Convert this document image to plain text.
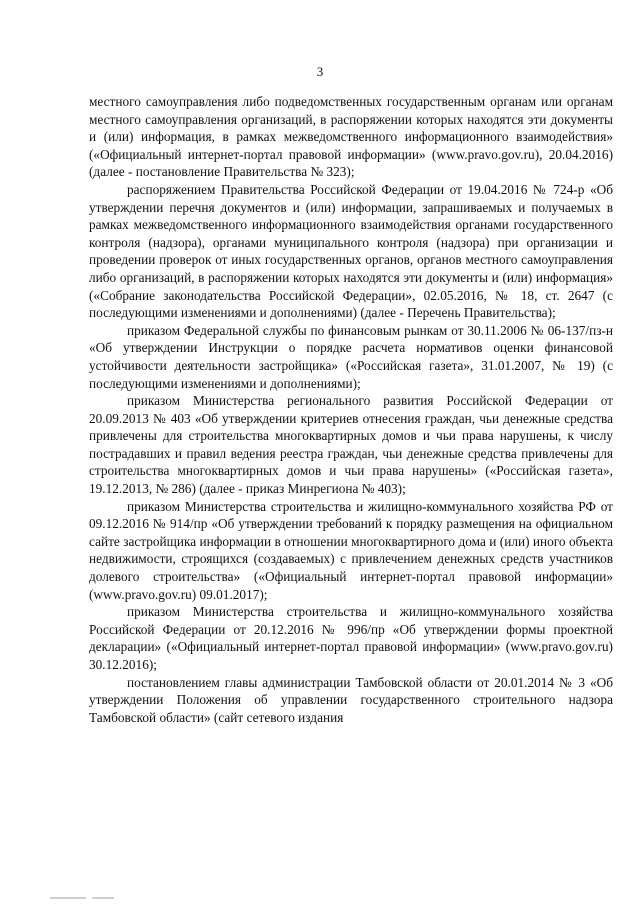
3

местного самоуправления либо подведомственных государственным органам или органам местного самоуправления организаций, в распоряжении которых находятся эти документы и (или) информация, в рамках межведомственного информационного взаимодействия» («Официальный интернет-портал правовой информации» (www.pravo.gov.ru), 20.04.2016) (далее - постановление Правительства № 323);

распоряжением Правительства Российской Федерации от 19.04.2016 № 724-р «Об утверждении перечня документов и (или) информации, запрашиваемых и получаемых в рамках межведомственного информационного взаимодействия органами государственного контроля (надзора), органами муниципального контроля (надзора) при организации и проведении проверок от иных государственных органов, органов местного самоуправления либо организаций, в распоряжении которых находятся эти документы и (или) информация» («Собрание законодательства Российской Федерации», 02.05.2016, № 18, ст. 2647 (с последующими изменениями и дополнениями) (далее - Перечень Правительства);

приказом Федеральной службы по финансовым рынкам от 30.11.2006 № 06-137/пз-н «Об утверждении Инструкции о порядке расчета нормативов оценки финансовой устойчивости деятельности застройщика» («Российская газета», 31.01.2007, № 19) (с последующими изменениями и дополнениями);

приказом Министерства регионального развития Российской Федерации от 20.09.2013 № 403 «Об утверждении критериев отнесения граждан, чьи денежные средства привлечены для строительства многоквартирных домов и чьи права нарушены, к числу пострадавших и правил ведения реестра граждан, чьи денежные средства привлечены для строительства многоквартирных домов и чьи права нарушены» («Российская газета», 19.12.2013, № 286) (далее - приказ Минрегиона № 403);

приказом Министерства строительства и жилищно-коммунального хозяйства РФ от 09.12.2016 № 914/пр «Об утверждении требований к порядку размещения на официальном сайте застройщика информации в отношении многоквартирного дома и (или) иного объекта недвижимости, строящихся (создаваемых) с привлечением денежных средств участников долевого строительства» («Официальный интернет-портал правовой информации» (www.pravo.gov.ru) 09.01.2017);

приказом Министерства строительства и жилищно-коммунального хозяйства Российской Федерации от 20.12.2016 № 996/пр «Об утверждении формы проектной декларации» («Официальный интернет-портал правовой информации» (www.pravo.gov.ru) 30.12.2016);

постановлением главы администрации Тамбовской области от 20.01.2014 № 3 «Об утверждении Положения об управлении государственного строительного надзора Тамбовской области» (сайт сетевого издания
